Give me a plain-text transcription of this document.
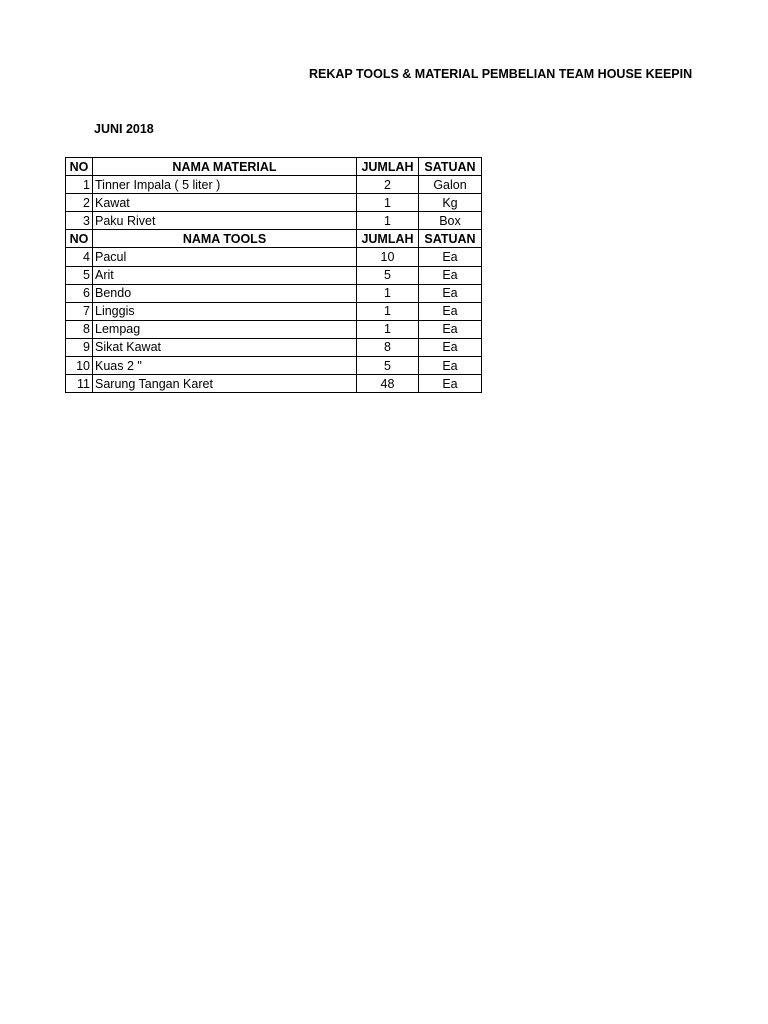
REKAP TOOLS & MATERIAL PEMBELIAN TEAM HOUSE KEEPIN
JUNI 2018
NO	NAMA MATERIAL	JUMLAH	SATUAN
1	Tinner Impala ( 5 liter )	2	Galon
2	Kawat	1	Kg
3	Paku Rivet	1	Box
NO	NAMA TOOLS	JUMLAH	SATUAN
4	Pacul	10	Ea
5	Arit	5	Ea
6	Bendo	1	Ea
7	Linggis	1	Ea
8	Lempag	1	Ea
9	Sikat Kawat	8	Ea
10	Kuas 2 "	5	Ea
11	Sarung Tangan Karet	48	Ea
